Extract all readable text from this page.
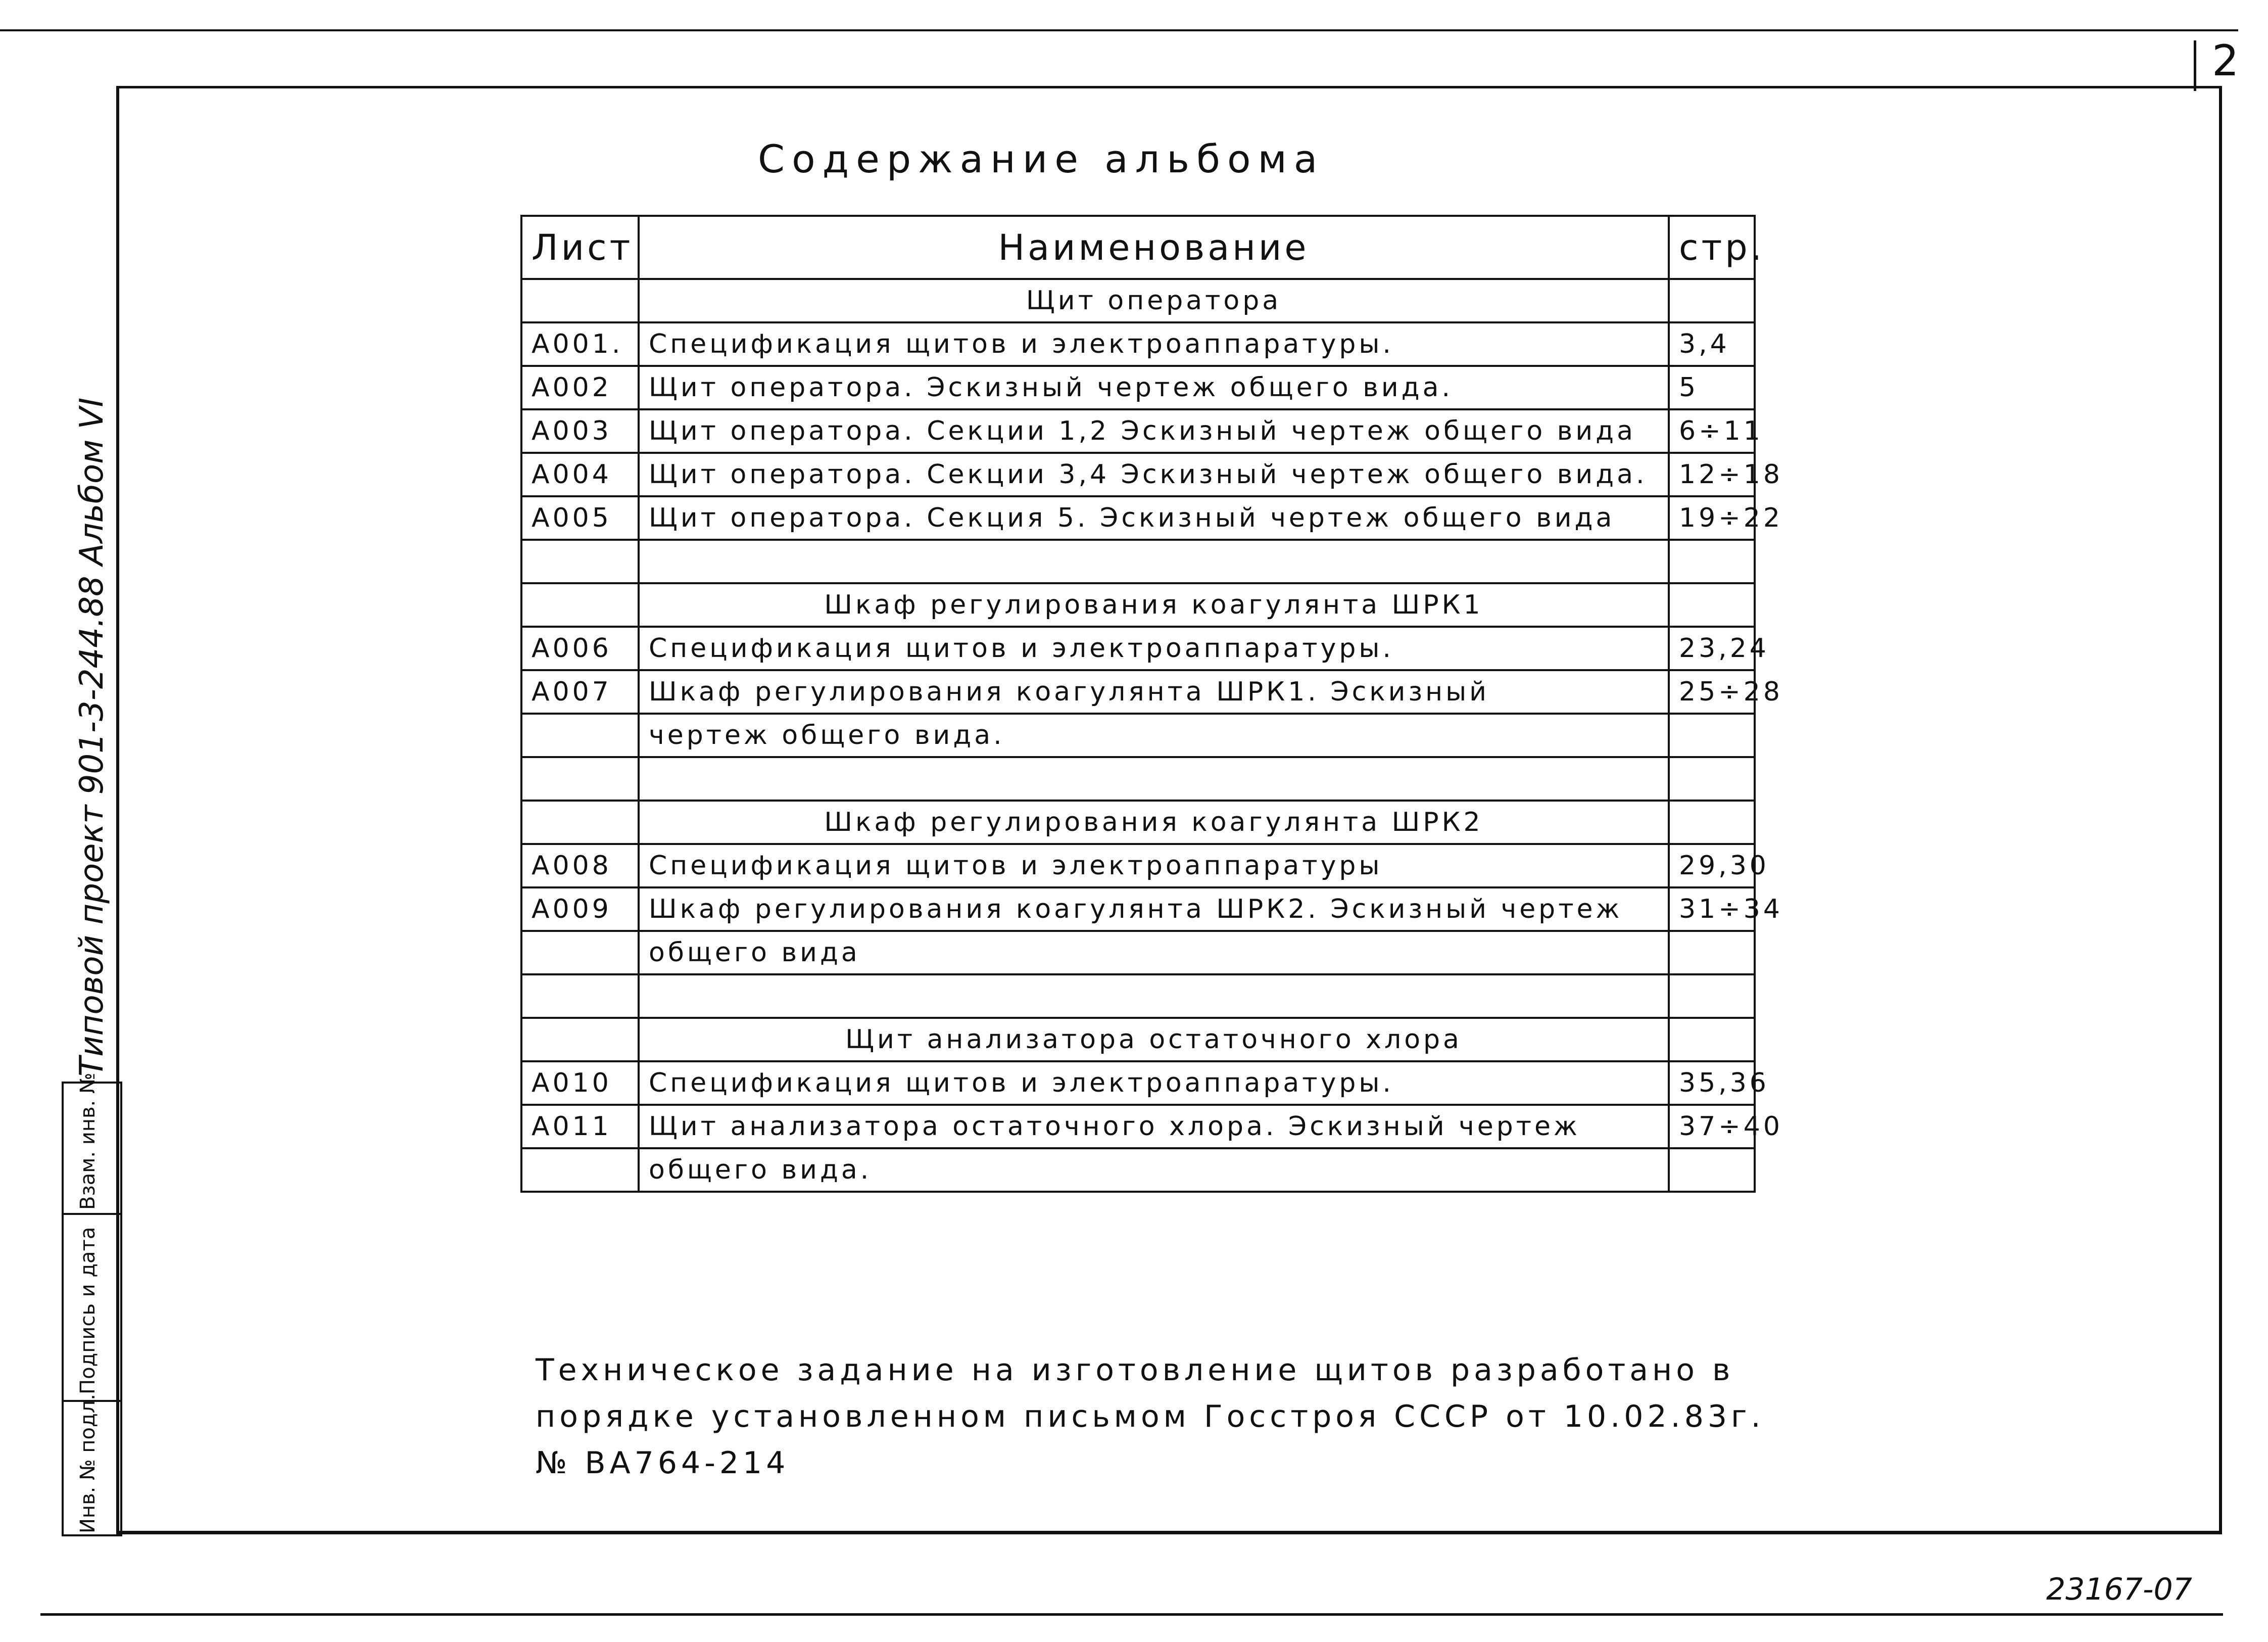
2
Содержание альбома
Лист	Наименование	стр.
	Щит оператора	
А001.	Спецификация щитов и электроаппаратуры.	3,4
А002	Щит оператора. Эскизный чертеж общего вида.	5
А003	Щит оператора. Секции 1,2 Эскизный чертеж общего вида	6÷11
А004	Щит оператора. Секции 3,4 Эскизный чертеж общего вида.	12÷18
А005	Щит оператора. Секция 5. Эскизный чертеж общего вида	19÷22

	Шкаф регулирования коагулянта ШРК1	
А006	Спецификация щитов и электроаппаратуры.	23,24
А007	Шкаф регулирования коагулянта ШРК1. Эскизный	25÷28
	чертеж общего вида.	

	Шкаф регулирования коагулянта ШРК2	
А008	Спецификация щитов и электроаппаратуры	29,30
А009	Шкаф регулирования коагулянта ШРК2. Эскизный чертеж	31÷34
	общего вида	

	Щит анализатора остаточного хлора	
А010	Спецификация щитов и электроаппаратуры.	35,36
А011	Щит анализатора остаточного хлора. Эскизный чертеж	37÷40
	общего вида.	
Техническое задание на изготовление щитов разработано в
порядке установленном письмом Госстроя СССР от 10.02.83г.
№ ВА764-214
Взам. инв. №
Подпись и дата
Инв. № подл.
Типовой проект 901-3-244.88 Альбом VI
23167-07
